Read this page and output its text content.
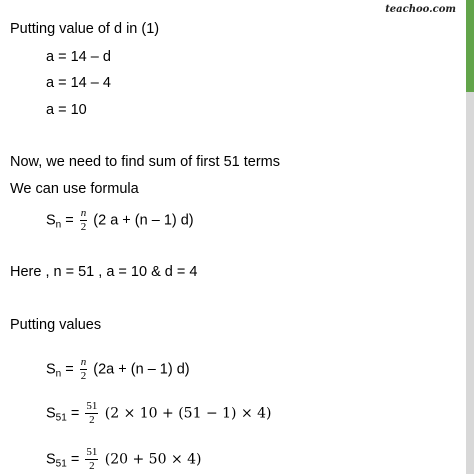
teachoo.com
Putting value of d in (1)
a = 14 – d
a = 14 – 4
a = 10
Now, we need to find sum of first 51 terms
We can use formula
$S_n = \frac{n}{2} (2$ a + (n – 1) d)
Here , n = 51 , a = 10 & d = 4
Putting values
$S_n = \frac{n}{2} (2a + (n - 1)$ d)
$S_{51} = \frac{51}{2} (2 \times 10 + (51 - 1) \times 4)$
$S_{51} = \frac{51}{2} (20 + 50 \times 4)$
